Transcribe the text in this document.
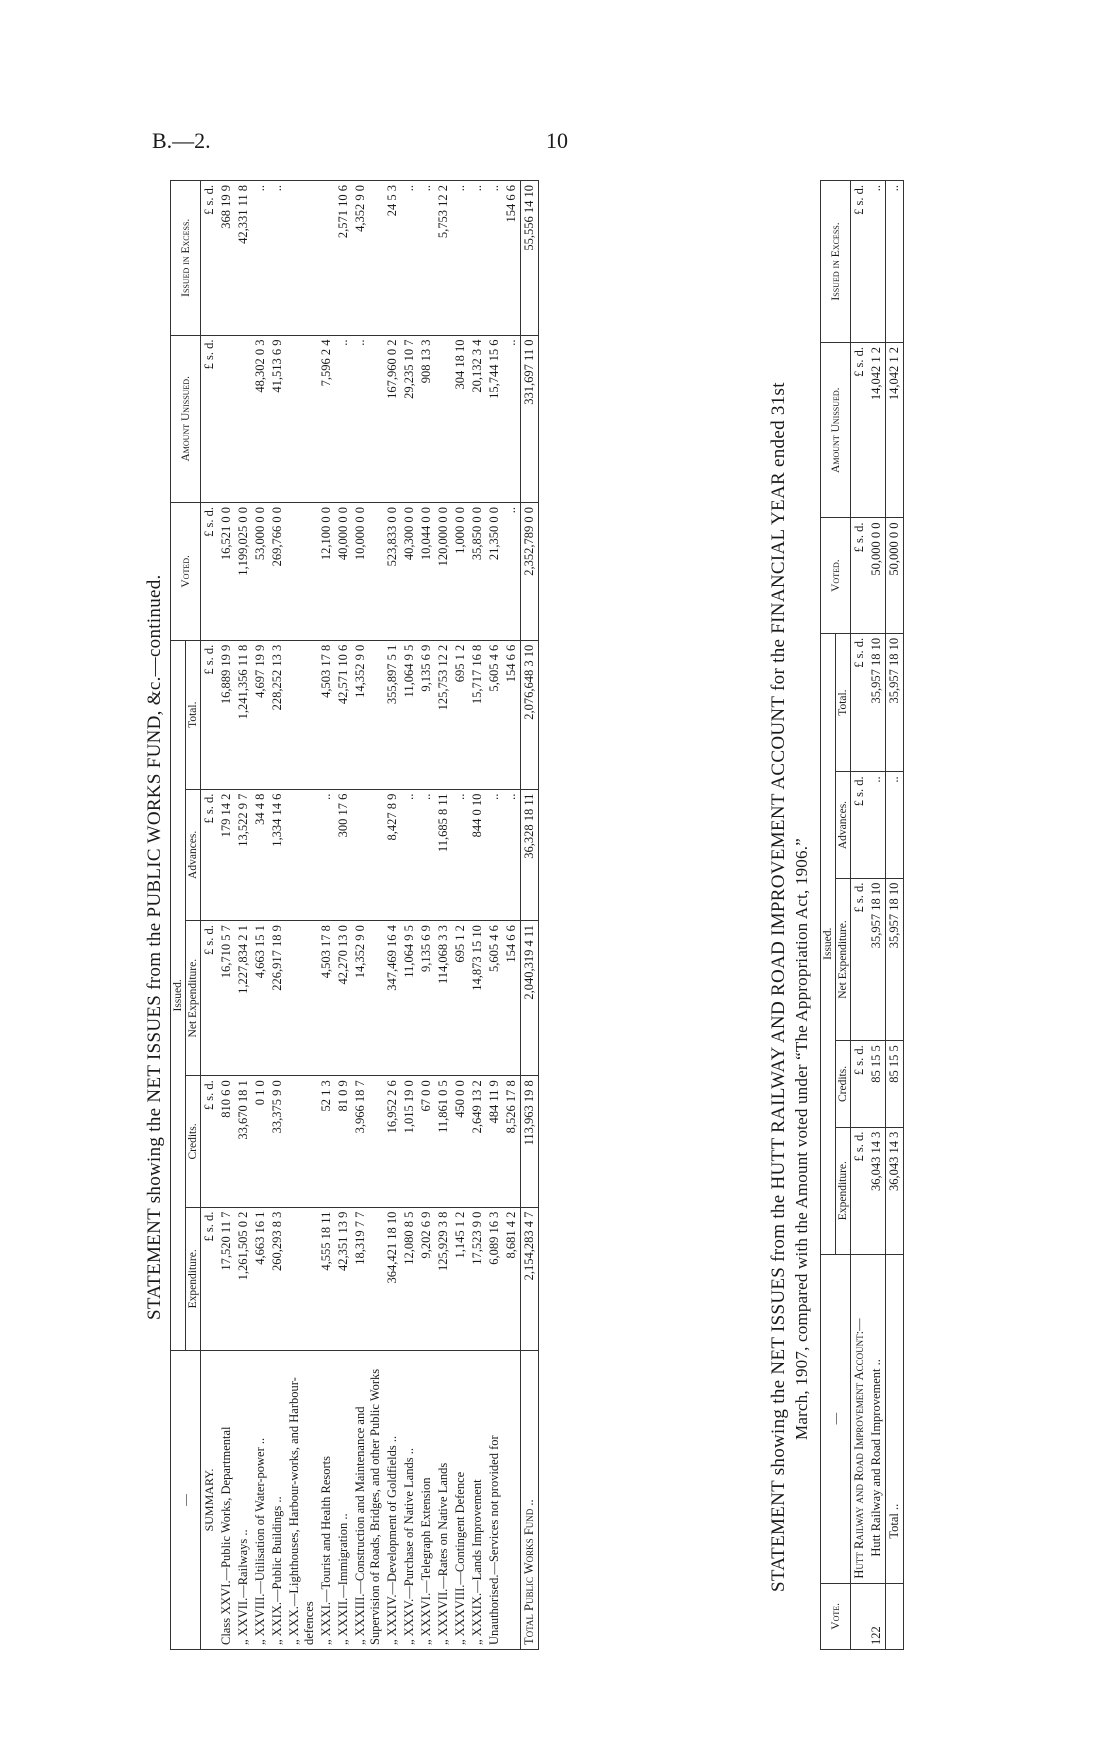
B.—2.	10
STATEMENT showing the NET ISSUES from the PUBLIC WORKS FUND, &c.—continued.
—	Issued.					Voted.	Amount Unissued.	Issued in Excess.
	Expenditure.	Credits.	Net Expenditure.	Advances.	Total.			
SUMMARY.	£ s. d.	£ s. d.	£ s. d.	£ s. d.	£ s. d.	£ s. d.	£ s. d.	£ s. d.
Class XXVI.—Public Works, Departmental	17,520 11 7	810 6 0	16,710 5 7	179 14 2	16,889 19 9	16,521 0 0		368 19 9
„ XXVII.—Railways ..	1,261,505 0 2	33,670 18 1	1,227,834 2 1	13,522 9 7	1,241,356 11 8	1,199,025 0 0		42,331 11 8
„ XXVIII.—Utilisation of Water-power ..	4,663 16 1	0 1 0	4,663 15 1	34 4 8	4,697 19 9	53,000 0 0	48,302 0 3	..
„ XXIX.—Public Buildings ..	260,293 8 3	33,375 9 0	226,917 18 9	1,334 14 6	228,252 13 3	269,766 0 0	41,513 6 9	..
„ XXX.—Lighthouses, Harbour-works, and Harbour-defences								
„ XXXI.—Tourist and Health Resorts	4,555 18 11	52 1 3	4,503 17 8	..	4,503 17 8	12,100 0 0	7,596 2 4	
„ XXXII.—Immigration ..	42,351 13 9	81 0 9	42,270 13 0	300 17 6	42,571 10 6	40,000 0 0	..	2,571 10 6
„ XXXIII.—Construction and Maintenance and Supervision of Roads, Bridges, and other Public Works	18,319 7 7	3,966 18 7	14,352 9 0		14,352 9 0	10,000 0 0	..	4,352 9 0
„ XXXIV.—Development of Goldfields ..	364,421 18 10	16,952 2 6	347,469 16 4	8,427 8 9	355,897 5 1	523,833 0 0	167,960 0 2	24 5 3
„ XXXV.—Purchase of Native Lands ..	12,080 8 5	1,015 19 0	11,064 9 5	..	11,064 9 5	40,300 0 0	29,235 10 7	..
„ XXXVI.—Telegraph Extension	9,202 6 9	67 0 0	9,135 6 9	..	9,135 6 9	10,044 0 0	908 13 3	..
„ XXXVII.—Rates on Native Lands	125,929 3 8	11,861 0 5	114,068 3 3	11,685 8 11	125,753 12 2	120,000 0 0		5,753 12 2
„ XXXVIII.—Contingent Defence	1,145 1 2	450 0 0	695 1 2	..	695 1 2	1,000 0 0	304 18 10	..
„ XXXIX.—Lands Improvement	17,523 9 0	2,649 13 2	14,873 15 10	844 0 10	15,717 16 8	35,850 0 0	20,132 3 4	..
Unauthorised.—Services not provided for	6,089 16 3	484 11 9	5,605 4 6	..	5,605 4 6	21,350 0 0	15,744 15 6	..
	8,681 4 2	8,526 17 8	154 6 6	..	154 6 6	..	..	154 6 6
Total Public Works Fund ..	2,154,283 4 7	113,963 19 8	2,040,319 4 11	36,328 18 11	2,076,648 3 10	2,352,789 0 0	331,697 11 0	55,556 14 10
STATEMENT showing the NET ISSUES from the HUTT RAILWAY AND ROAD IMPROVEMENT ACCOUNT for the FINANCIAL YEAR ended 31st March, 1907, compared with the Amount voted under “The Appropriation Act, 1906.”
Vote.	—	Issued.					Voted.	Amount Unissued.	Issued in Excess.
		Expenditure.	Credits.	Net Expenditure.	Advances.	Total.			
	Hutt Railway and Road Improvement Account:—	£ s. d.	£ s. d.	£ s. d.	£ s. d.	£ s. d.	£ s. d.	£ s. d.	£ s. d.
122	Hutt Railway and Road Improvement ..	36,043 14 3	85 15 5	35,957 18 10	..	35,957 18 10	50,000 0 0	14,042 1 2	..
	Total ..	36,043 14 3	85 15 5	35,957 18 10	..	35,957 18 10	50,000 0 0	14,042 1 2	..
